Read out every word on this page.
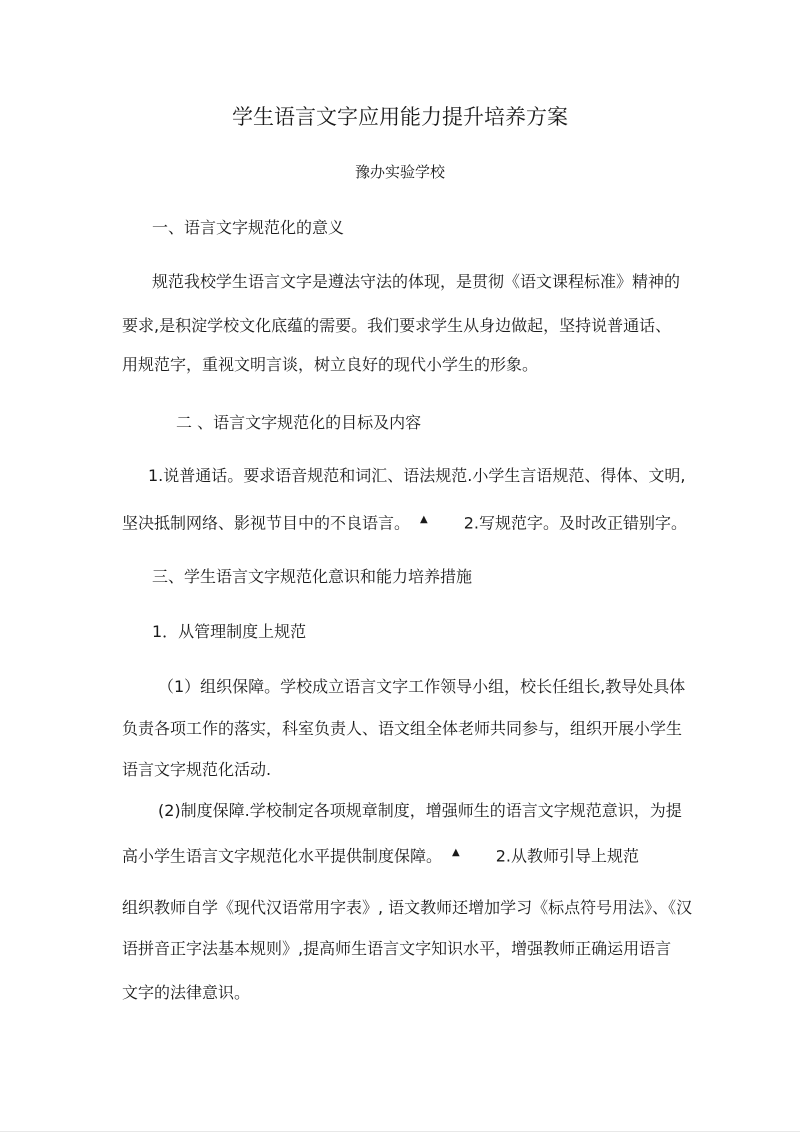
学生语言文字应用能力提升培养方案
豫办实验学校
一、语言文字规范化的意义
规范我校学生语言文字是遵法守法的体现，是贯彻《语文课程标准》精神的
要求,是积淀学校文化底蕴的需要。我们要求学生从身边做起，坚持说普通话、
用规范字，重视文明言谈，树立良好的现代小学生的形象。
二 、语言文字规范化的目标及内容
1.说普通话。要求语音规范和词汇、语法规范.小学生言语规范、得体、文明,
坚决抵制网络、影视节目中的不良语言。 ▲ 2.写规范字。及时改正错别字。
三、学生语言文字规范化意识和能力培养措施
1．从管理制度上规范
（1）组织保障。学校成立语言文字工作领导小组，校长任组长,教导处具体
负责各项工作的落实，科室负责人、语文组全体老师共同参与，组织开展小学生
语言文字规范化活动.
(2)制度保障.学校制定各项规章制度，增强师生的语言文字规范意识，为提
高小学生语言文字规范化水平提供制度保障。 ▲ 2.从教师引导上规范
组织教师自学《现代汉语常用字表》, 语文教师还增加学习《标点符号用法》、《汉
语拼音正字法基本规则》,提高师生语言文字知识水平，增强教师正确运用语言
文字的法律意识。
